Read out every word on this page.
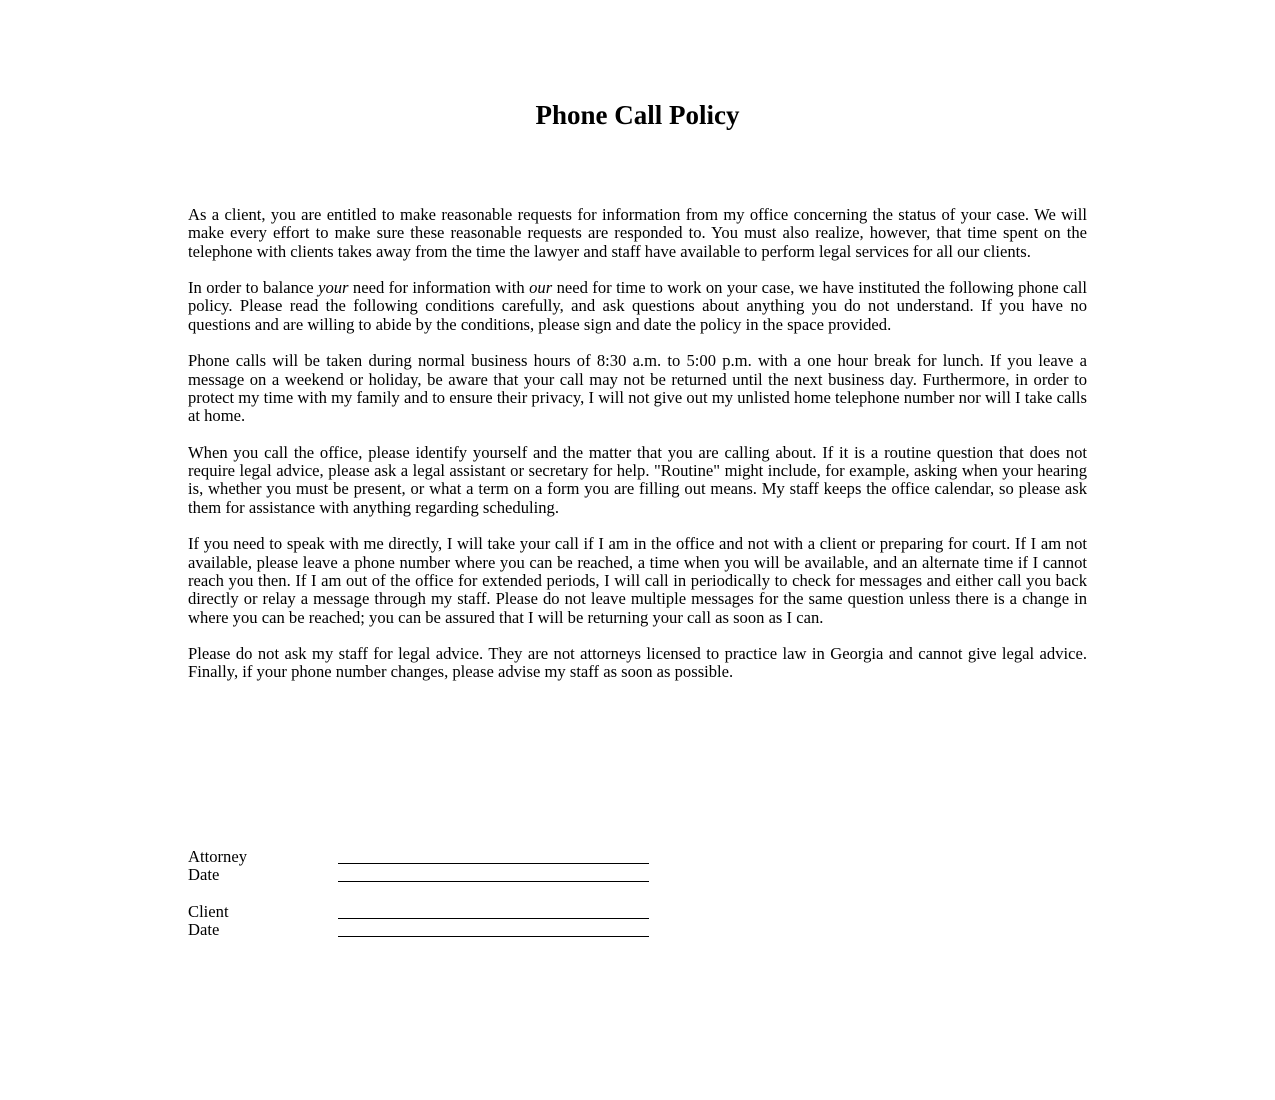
Phone Call Policy

As a client, you are entitled to make reasonable requests for information from my office concerning the status of your case. We will make every effort to make sure these reasonable requests are responded to. You must also realize, however, that time spent on the telephone with clients takes away from the time the lawyer and staff have available to perform legal services for all our clients.

In order to balance your need for information with our need for time to work on your case, we have instituted the following phone call policy. Please read the following conditions carefully, and ask questions about anything you do not understand. If you have no questions and are willing to abide by the conditions, please sign and date the policy in the space provided.

Phone calls will be taken during normal business hours of 8:30 a.m. to 5:00 p.m. with a one hour break for lunch. If you leave a message on a weekend or holiday, be aware that your call may not be returned until the next business day. Furthermore, in order to protect my time with my family and to ensure their privacy, I will not give out my unlisted home telephone number nor will I take calls at home.

When you call the office, please identify yourself and the matter that you are calling about. If it is a routine question that does not require legal advice, please ask a legal assistant or secretary for help. "Routine" might include, for example, asking when your hearing is, whether you must be present, or what a term on a form you are filling out means. My staff keeps the office calendar, so please ask them for assistance with anything regarding scheduling.

If you need to speak with me directly, I will take your call if I am in the office and not with a client or preparing for court. If I am not available, please leave a phone number where you can be reached, a time when you will be available, and an alternate time if I cannot reach you then. If I am out of the office for extended periods, I will call in periodically to check for messages and either call you back directly or relay a message through my staff. Please do not leave multiple messages for the same question unless there is a change in where you can be reached; you can be assured that I will be returning your call as soon as I can.

Please do not ask my staff for legal advice. They are not attorneys licensed to practice law in Georgia and cannot give legal advice. Finally, if your phone number changes, please advise my staff as soon as possible.

Attorney
Date
Client
Date
